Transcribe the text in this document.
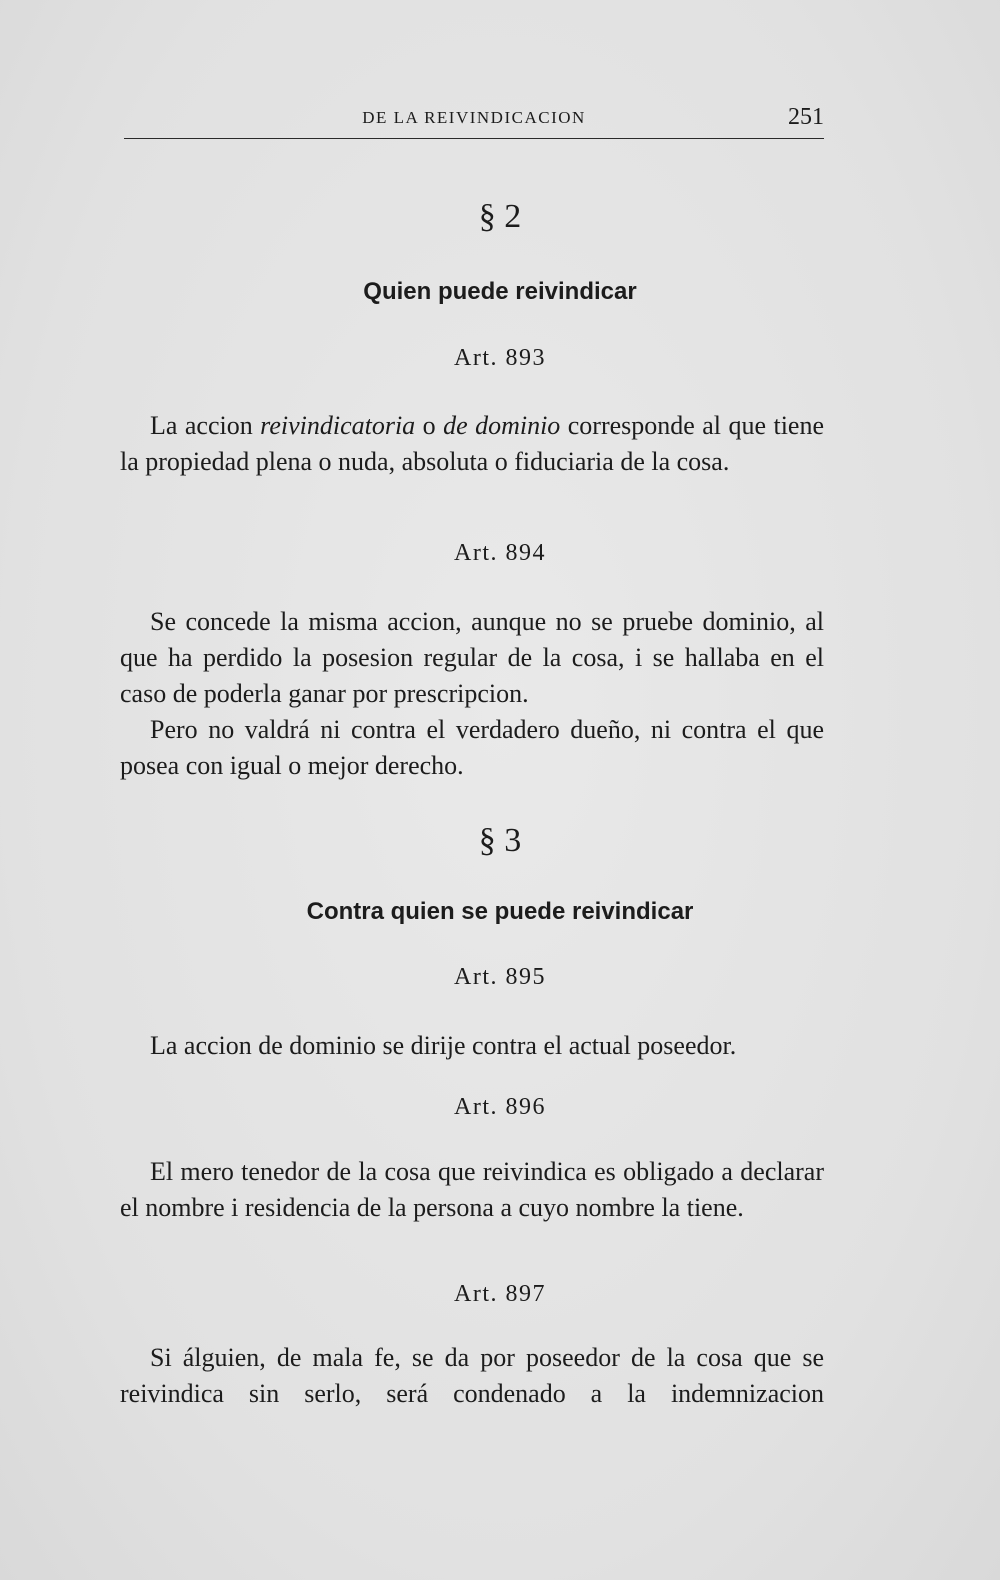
DE LA REIVINDICACION	251
§ 2
Quien puede reivindicar
Art. 893

La accion reivindicatoria o de dominio corresponde al que tiene la propiedad plena o nuda, absoluta o fiduciaria de la cosa.

Art. 894

Se concede la misma accion, aunque no se pruebe dominio, al que ha perdido la posesion regular de la cosa, i se hallaba en el caso de poderla ganar por prescripcion.

Pero no valdrá ni contra el verdadero dueño, ni contra el que posea con igual o mejor derecho.

§ 3
Contra quien se puede reivindicar
Art. 895

La accion de dominio se dirije contra el actual poseedor.

Art. 896

El mero tenedor de la cosa que reivindica es obligado a declarar el nombre i residencia de la persona a cuyo nombre la tiene.

Art. 897

Si álguien, de mala fe, se da por poseedor de la cosa que se reivindica sin serlo, será condenado a la indemnizacion
